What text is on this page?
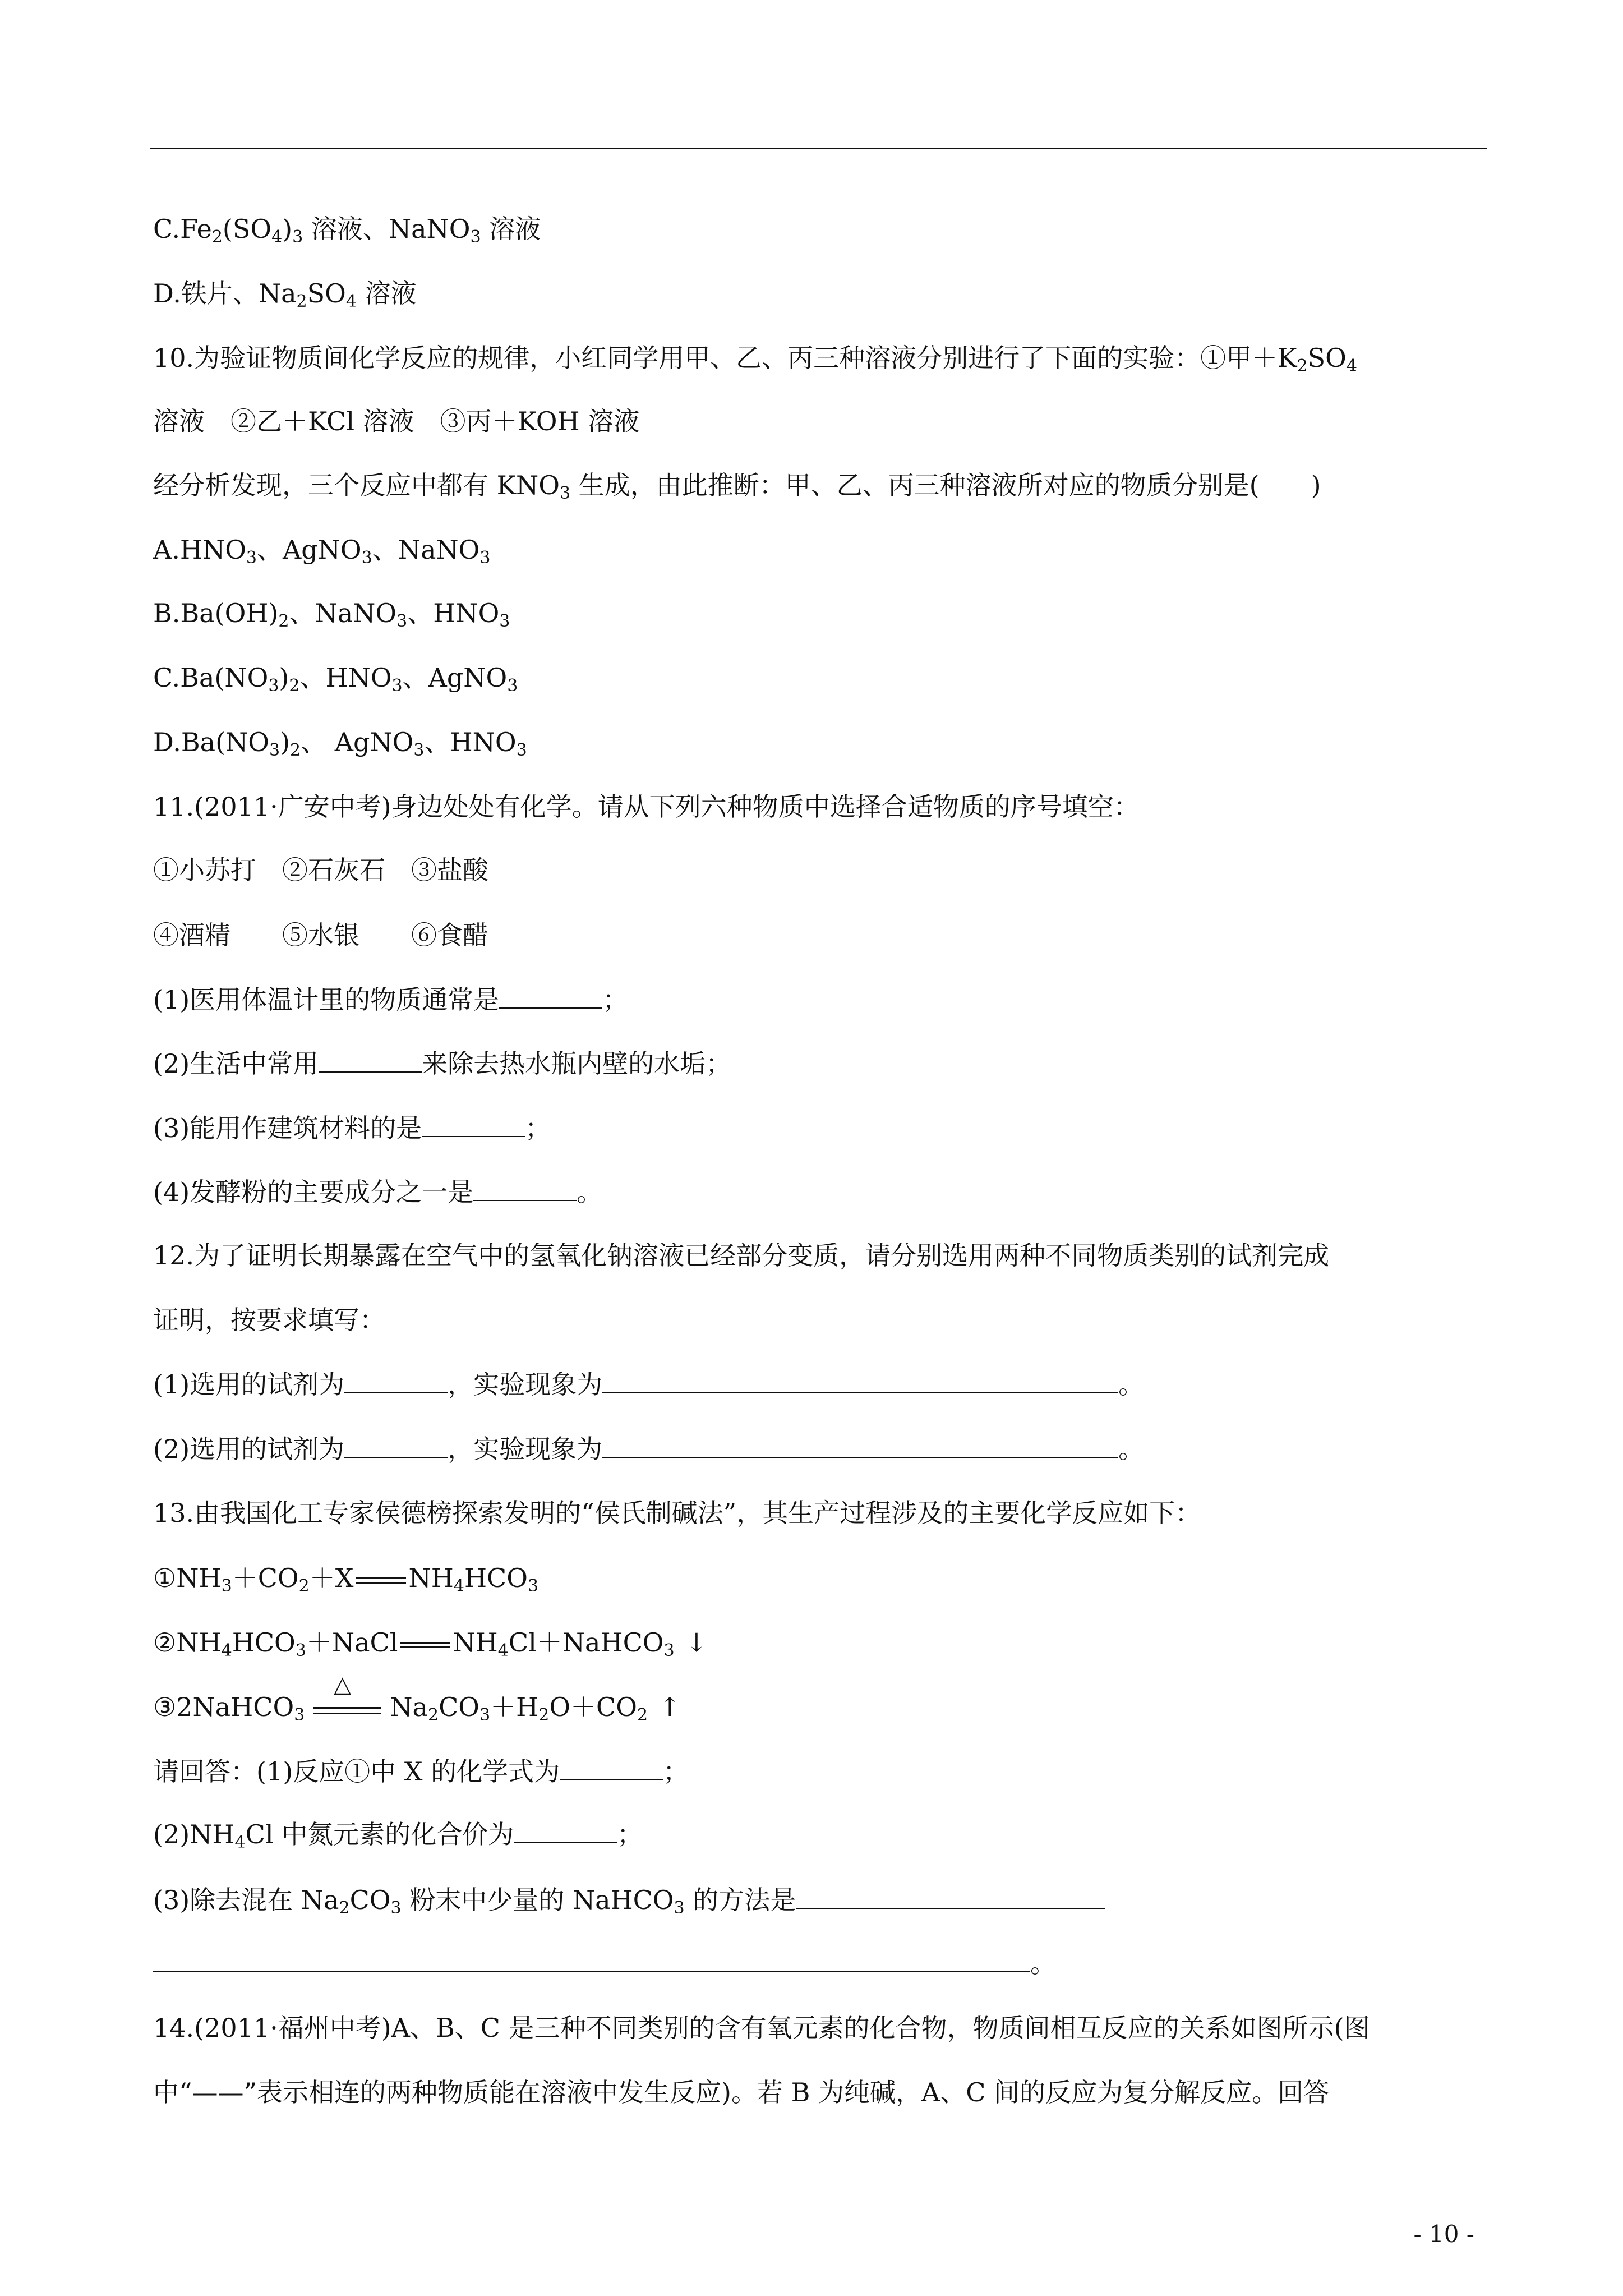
$C.Fe_2(SO_4)_3$ 溶液、NaNO$_3$ 溶液
D.铁片、$Na_2SO_4$ 溶液
10.为验证物质间化学反应的规律，小红同学用甲、乙、丙三种溶液分别进行了下面的实验：①甲$+K_2SO_4$
溶液　②乙＋KCl 溶液　③丙＋KOH 溶液
经分析发现，三个反应中都有 $KNO_3$ 生成，由此推断：甲、乙、丙三种溶液所对应的物质分别是(　　)
$A.HNO_3$、AgNO$_3$、NaNO$_3$
$B.Ba(OH)_2$、NaNO$_3$、$HNO_3$
$C.Ba(NO_3)_2$、$HNO_3$、AgNO$_3$
$D.Ba(NO_3)_2$、 AgNO$_3$、$HNO_3$
11.(2011·广安中考)身边处处有化学。请从下列六种物质中选择合适物质的序号填空：
①小苏打　②石灰石　③盐酸
④酒精　　⑤水银　　⑥食醋
(1)医用体温计里的物质通常是	；
(2)生活中常用	来除去热水瓶内壁的水垢；
(3)能用作建筑材料的是	；
(4)发酵粉的主要成分之一是	。
12.为了证明长期暴露在空气中的氢氧化钠溶液已经部分变质，请分别选用两种不同物质类别的试剂完成
证明，按要求填写：
(1)选用的试剂为	，实验现象为	。
(2)选用的试剂为	，实验现象为	。
13.由我国化工专家侯德榜探索发明的“侯氏制碱法”，其生产过程涉及的主要化学反应如下：
$①NH_3+CO_2+X$ $NH_4HCO_3$
$②NH_4HCO_3+NaCl$ $NH_4Cl+NaHCO_3$ ↓
③2NaHCO$_3$
△
$Na_2CO_3+H_2O+CO_2$ ↑
请回答：(1)反应①中 X 的化学式为	；
$(2)NH_4Cl$ 中氮元素的化合价为	；
(3)除去混在 $Na_2CO_3$ 粉末中少量的 NaHCO$_3$ 的方法是
。
14.(2011·福州中考)A、B、C 是三种不同类别的含有氧元素的化合物，物质间相互反应的关系如图所示(图
中“——”表示相连的两种物质能在溶液中发生反应)。若 B 为纯碱，A、C 间的反应为复分解反应。回答
- 10 -
